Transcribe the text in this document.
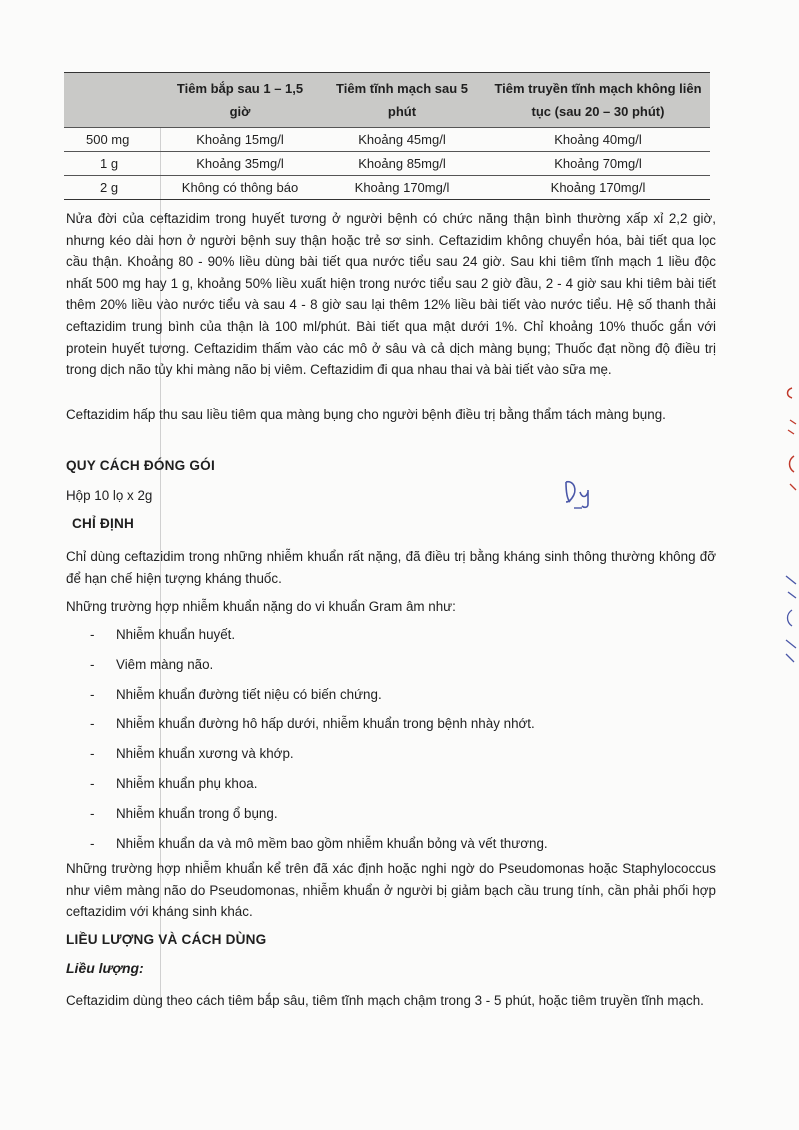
	Tiêm bắp sau 1 – 1,5 giờ	Tiêm tĩnh mạch sau 5 phút	Tiêm truyền tĩnh mạch không liên tục (sau 20 – 30 phút)
500 mg	Khoảng 15mg/l	Khoảng 45mg/l	Khoảng 40mg/l
1 g	Khoảng 35mg/l	Khoảng 85mg/l	Khoảng 70mg/l
2 g	Không có thông báo	Khoảng 170mg/l	Khoảng 170mg/l

Nửa đời của ceftazidim trong huyết tương ở người bệnh có chức năng thận bình thường xấp xỉ 2,2 giờ, nhưng kéo dài hơn ở người bệnh suy thận hoặc trẻ sơ sinh. Ceftazidim không chuyển hóa, bài tiết qua lọc cầu thận. Khoảng 80 - 90% liều dùng bài tiết qua nước tiểu sau 24 giờ. Sau khi tiêm tĩnh mạch 1 liều độc nhất 500 mg hay 1 g, khoảng 50% liều xuất hiện trong nước tiểu sau 2 giờ đầu, 2 - 4 giờ sau khi tiêm bài tiết thêm 20% liều vào nước tiểu và sau 4 - 8 giờ sau lại thêm 12% liều bài tiết vào nước tiểu. Hệ số thanh thải ceftazidim trung bình của thận là 100 ml/phút. Bài tiết qua mật dưới 1%. Chỉ khoảng 10% thuốc gắn với protein huyết tương. Ceftazidim thấm vào các mô ở sâu và cả dịch màng bụng; Thuốc đạt nồng độ điều trị trong dịch não tủy khi màng não bị viêm. Ceftazidim đi qua nhau thai và bài tiết vào sữa mẹ.

Ceftazidim hấp thu sau liều tiêm qua màng bụng cho người bệnh điều trị bằng thẩm tách màng bụng.

QUY CÁCH ĐÓNG GÓI
Hộp 10 lọ x 2g
CHỈ ĐỊNH

Chỉ dùng ceftazidim trong những nhiễm khuẩn rất nặng, đã điều trị bằng kháng sinh thông thường không đỡ để hạn chế hiện tượng kháng thuốc.

Những trường hợp nhiễm khuẩn nặng do vi khuẩn Gram âm như:
- Nhiễm khuẩn huyết.
- Viêm màng não.
- Nhiễm khuẩn đường tiết niệu có biến chứng.
- Nhiễm khuẩn đường hô hấp dưới, nhiễm khuẩn trong bệnh nhày nhớt.
- Nhiễm khuẩn xương và khớp.
- Nhiễm khuẩn phụ khoa.
- Nhiễm khuẩn trong ổ bụng.
- Nhiễm khuẩn da và mô mềm bao gồm nhiễm khuẩn bỏng và vết thương.

Những trường hợp nhiễm khuẩn kể trên đã xác định hoặc nghi ngờ do Pseudomonas hoặc Staphylococcus như viêm màng não do Pseudomonas, nhiễm khuẩn ở người bị giảm bạch cầu trung tính, cần phải phối hợp ceftazidim với kháng sinh khác.

LIỀU LƯỢNG VÀ CÁCH DÙNG
Liều lượng:

Ceftazidim dùng theo cách tiêm bắp sâu, tiêm tĩnh mạch chậm trong 3 - 5 phút, hoặc tiêm truyền tĩnh mạch.
